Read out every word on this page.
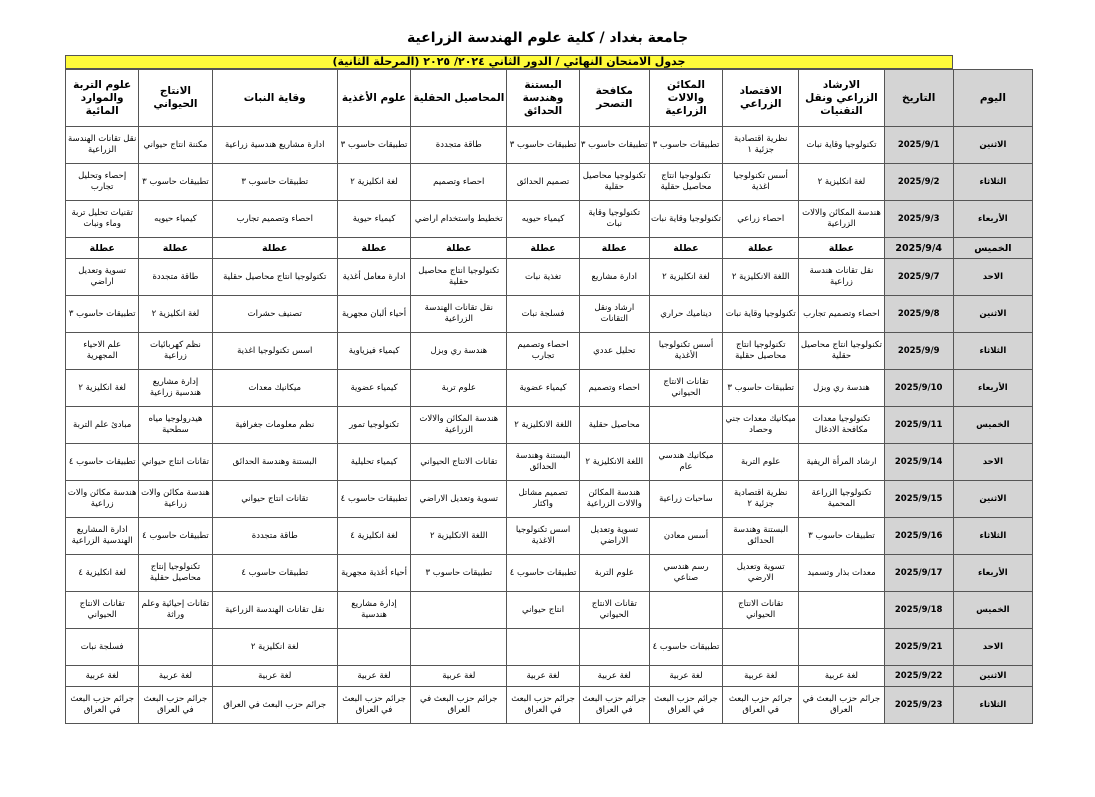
جامعة بغداد / كلية علوم الهندسة الزراعية
جدول الامتحان النهائي / الدور الثاني ٢٠٢٤/ ٢٠٢٥ (المرحلة الثانية)
اليوم	التاريخ	الارشاد الزراعي ونقل التقنيات	الاقتصاد الزراعي	المكائن والالات الزراعية	مكافحة التصحر	البستنة وهندسة الحدائق	المحاصيل الحقلية	علوم الأغذية	وقاية النبات	الانتاج الحيواني	علوم التربة والموارد المائية
الاثنين	2025/9/1	تكنولوجيا وقاية نبات	نظرية اقتصادية جزئية ١	تطبيقات حاسوب ٣	تطبيقات حاسوب ٣	تطبيقات حاسوب ٣	طاقة متجددة	تطبيقات حاسوب ٣	ادارة مشاريع هندسية زراعية	مكننة انتاج حيواني	نقل تقانات الهندسة الزراعية
الثلاثاء	2025/9/2	لغة انكليزية ٢	أسس تكنولوجيا اغذية	تكنولوجيا انتاج محاصيل حقلية	تكنولوجيا محاصيل حقلية	تصميم الحدائق	احصاء وتصميم	لغة انكليزية ٢	تطبيقات حاسوب ٣	تطبيقات حاسوب ٣	إحصاء وتحليل تجارب
الأربعاء	2025/9/3	هندسة المكائن والالات الزراعية	احصاء زراعي	تكنولوجيا وقاية نبات	تكنولوجيا وقاية نبات	كيمياء حيويه	تخطيط واستخدام اراضي	كيمياء حيوية	احصاء وتصميم تجارب	كيمياء حيويه	تقنيات تحليل تربة وماء ونبات
الخميس	2025/9/4	عطلة	عطلة	عطلة	عطلة	عطلة	عطلة	عطلة	عطلة	عطلة	عطلة
الاحد	2025/9/7	نقل تقانات هندسة زراعية	اللغة الانكليزية ٢	لغة انكليزية ٢	ادارة مشاريع	تغذية نبات	تكنولوجيا انتاج محاصيل حقلية	ادارة معامل أغذية	تكنولوجيا انتاج محاصيل حقلية	طاقة متجددة	تسوية وتعديل اراضي
الاثنين	2025/9/8	احصاء وتصميم تجارب	تكنولوجيا وقاية نبات	ديناميك حراري	ارشاد ونقل التقانات	فسلجة نبات	نقل تقانات الهندسة الزراعية	أحياء ألبان مجهرية	تصنيف حشرات	لغة انكليزية ٢	تطبيقات حاسوب ٣
الثلاثاء	2025/9/9	تكنولوجيا انتاج محاصيل حقلية	تكنولوجيا انتاج محاصيل حقلية	أسس تكنولوجيا الأغذية	تحليل عددي	احصاء وتصميم تجارب	هندسة ري وبزل	كيمياء فيزياوية	اسس تكنولوجيا اغذية	نظم كهربائيات زراعية	علم الاحياء المجهرية
الأربعاء	2025/9/10	هندسة ري وبزل	تطبيقات حاسوب ٣	تقانات الانتاج الحيواني	احصاء وتصميم	كيمياء عضوية	علوم تربة	كيمياء عضوية	ميكانيك معدات	إدارة مشاريع هندسية زراعية	لغة انكليزية ٢
الخميس	2025/9/11	تكنولوجيا معدات مكافحة الادغال	ميكانيك معدات جني وحصاد		محاصيل حقلية	اللغة الانكليزية ٢	هندسة المكائن والالات الزراعية	تكنولوجيا تمور	نظم معلومات جغرافية	هيدرولوجيا مياه سطحية	مبادئ علم التربة
الاحد	2025/9/14	ارشاد المرأة الريفية	علوم التربة	ميكانيك هندسي عام	اللغة الانكليزية ٢	البستنة وهندسة الحدائق	تقانات الانتاج الحيواني	كيمياء تحليلية	البستنة وهندسة الحدائق	تقانات انتاج حيواني	تطبيقات حاسوب ٤
الاثنين	2025/9/15	تكنولوجيا الزراعة المحمية	نظرية اقتصادية جزئية ٢	ساحبات زراعية	هندسة المكائن والالات الزراعية	تصميم مشاتل واكثار	تسوية وتعديل الاراضي	تطبيقات حاسوب ٤	تقانات انتاج حيواني	هندسة مكائن والات زراعية	هندسة مكائن والات زراعية
الثلاثاء	2025/9/16	تطبيقات حاسوب ٣	البستنة وهندسة الحدائق	أسس معادن	تسوية وتعديل الاراضي	اسس تكنولوجيا الاغذية	اللغة الانكليزية ٢	لغة انكليزية ٤	طاقة متجددة	تطبيقات حاسوب ٤	ادارة المشاريع الهندسية الزراعية
الأربعاء	2025/9/17	معدات بذار وتسميد	تسوية وتعديل الارضي	رسم هندسي صناعي	علوم التربة	تطبيقات حاسوب ٤	تطبيقات حاسوب ٣	أحياء أغذية مجهرية	تطبيقات حاسوب ٤	تكنولوجيا إنتاج محاصيل حقلية	لغة انكليزية ٤
الخميس	2025/9/18		تقانات الانتاج الحيواني		تقانات الانتاج الحيواني	انتاج حيواني		إدارة مشاريع هندسية	نقل تقانات الهندسة الزراعية	تقانات إحيائية وعلم وراثة	تقانات الانتاج الحيواني
الاحد	2025/9/21			تطبيقات حاسوب ٤					لغة انكليزية ٢		فسلجة نبات
الاثنين	2025/9/22	لغة عربية	لغة عربية	لغة عربية	لغة عربية	لغة عربية	لغة عربية	لغة عربية	لغة عربية	لغة عربية	لغة عربية
الثلاثاء	2025/9/23	جرائم حزب البعث في العراق	جرائم حزب البعث في العراق	جرائم حزب البعث في العراق	جرائم حزب البعث في العراق	جرائم حزب البعث في العراق	جرائم حزب البعث في العراق	جرائم حزب البعث في العراق	جرائم حزب البعث في العراق	جرائم حزب البعث في العراق	جرائم حزب البعث في العراق
